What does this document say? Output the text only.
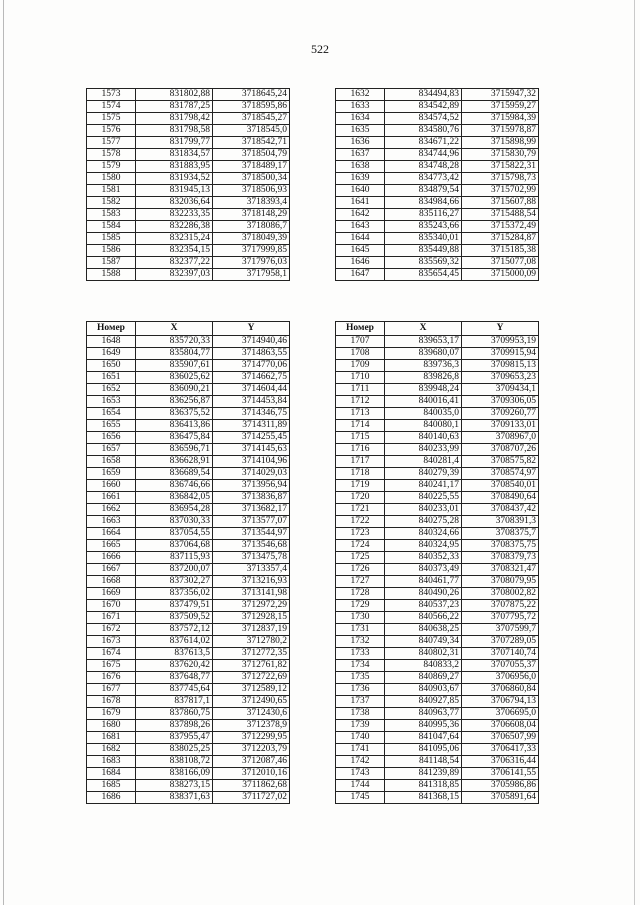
522
1573	831802,88	3718645,24
1574	831787,25	3718595,86
1575	831798,42	3718545,27
1576	831798,58	3718545,0
1577	831799,77	3718542,71
1578	831834,57	3718504,79
1579	831883,95	3718489,17
1580	831934,52	3718500,34
1581	831945,13	3718506,93
1582	832036,64	3718393,4
1583	832233,35	3718148,29
1584	832286,38	3718086,7
1585	832315,24	3718049,39
1586	832354,15	3717999,85
1587	832377,22	3717976,03
1588	832397,03	3717958,1
1632	834494,83	3715947,32
1633	834542,89	3715959,27
1634	834574,52	3715984,39
1635	834580,76	3715978,87
1636	834671,22	3715898,99
1637	834744,96	3715830,79
1638	834748,28	3715822,31
1639	834773,42	3715798,73
1640	834879,54	3715702,99
1641	834984,66	3715607,88
1642	835116,27	3715488,54
1643	835243,66	3715372,49
1644	835340,01	3715284,87
1645	835449,88	3715185,38
1646	835569,32	3715077,08
1647	835654,45	3715000,09
Номер	X	Y
1648	835720,33	3714940,46
1649	835804,77	3714863,55
1650	835907,61	3714770,06
1651	836025,62	3714662,75
1652	836090,21	3714604,44
1653	836256,87	3714453,84
1654	836375,52	3714346,75
1655	836413,86	3714311,89
1656	836475,84	3714255,45
1657	836596,71	3714145,63
1658	836628,91	3714104,96
1659	836689,54	3714029,03
1660	836746,66	3713956,94
1661	836842,05	3713836,87
1662	836954,28	3713682,17
1663	837030,33	3713577,07
1664	837054,55	3713544,97
1665	837064,68	3713546,68
1666	837115,93	3713475,78
1667	837200,07	3713357,4
1668	837302,27	3713216,93
1669	837356,02	3713141,98
1670	837479,51	3712972,29
1671	837509,52	3712928,15
1672	837572,12	3712837,19
1673	837614,02	3712780,2
1674	837613,5	3712772,35
1675	837620,42	3712761,82
1676	837648,77	3712722,69
1677	837745,64	3712589,12
1678	837817,1	3712490,65
1679	837860,75	3712430,6
1680	837898,26	3712378,9
1681	837955,47	3712299,95
1682	838025,25	3712203,79
1683	838108,72	3712087,46
1684	838166,09	3712010,16
1685	838273,15	3711862,68
1686	838371,63	3711727,02
Номер	X	Y
1707	839653,17	3709953,19
1708	839680,07	3709915,94
1709	839736,3	3709815,13
1710	839826,8	3709653,23
1711	839948,24	3709434,1
1712	840016,41	3709306,05
1713	840035,0	3709260,77
1714	840080,1	3709133,01
1715	840140,63	3708967,0
1716	840233,99	3708707,26
1717	840281,4	3708575,82
1718	840279,39	3708574,97
1719	840241,17	3708540,01
1720	840225,55	3708490,64
1721	840233,01	3708437,42
1722	840275,28	3708391,3
1723	840324,66	3708375,7
1724	840324,95	3708375,75
1725	840352,33	3708379,73
1726	840373,49	3708321,47
1727	840461,77	3708079,95
1728	840490,26	3708002,82
1729	840537,23	3707875,22
1730	840566,22	3707795,72
1731	840638,25	3707599,7
1732	840749,34	3707289,05
1733	840802,31	3707140,74
1734	840833,2	3707055,37
1735	840869,27	3706956,0
1736	840903,67	3706860,84
1737	840927,85	3706794,13
1738	840963,77	3706695,0
1739	840995,36	3706608,04
1740	841047,64	3706507,99
1741	841095,06	3706417,33
1742	841148,54	3706316,44
1743	841239,89	3706141,55
1744	841318,85	3705986,86
1745	841368,15	3705891,64
